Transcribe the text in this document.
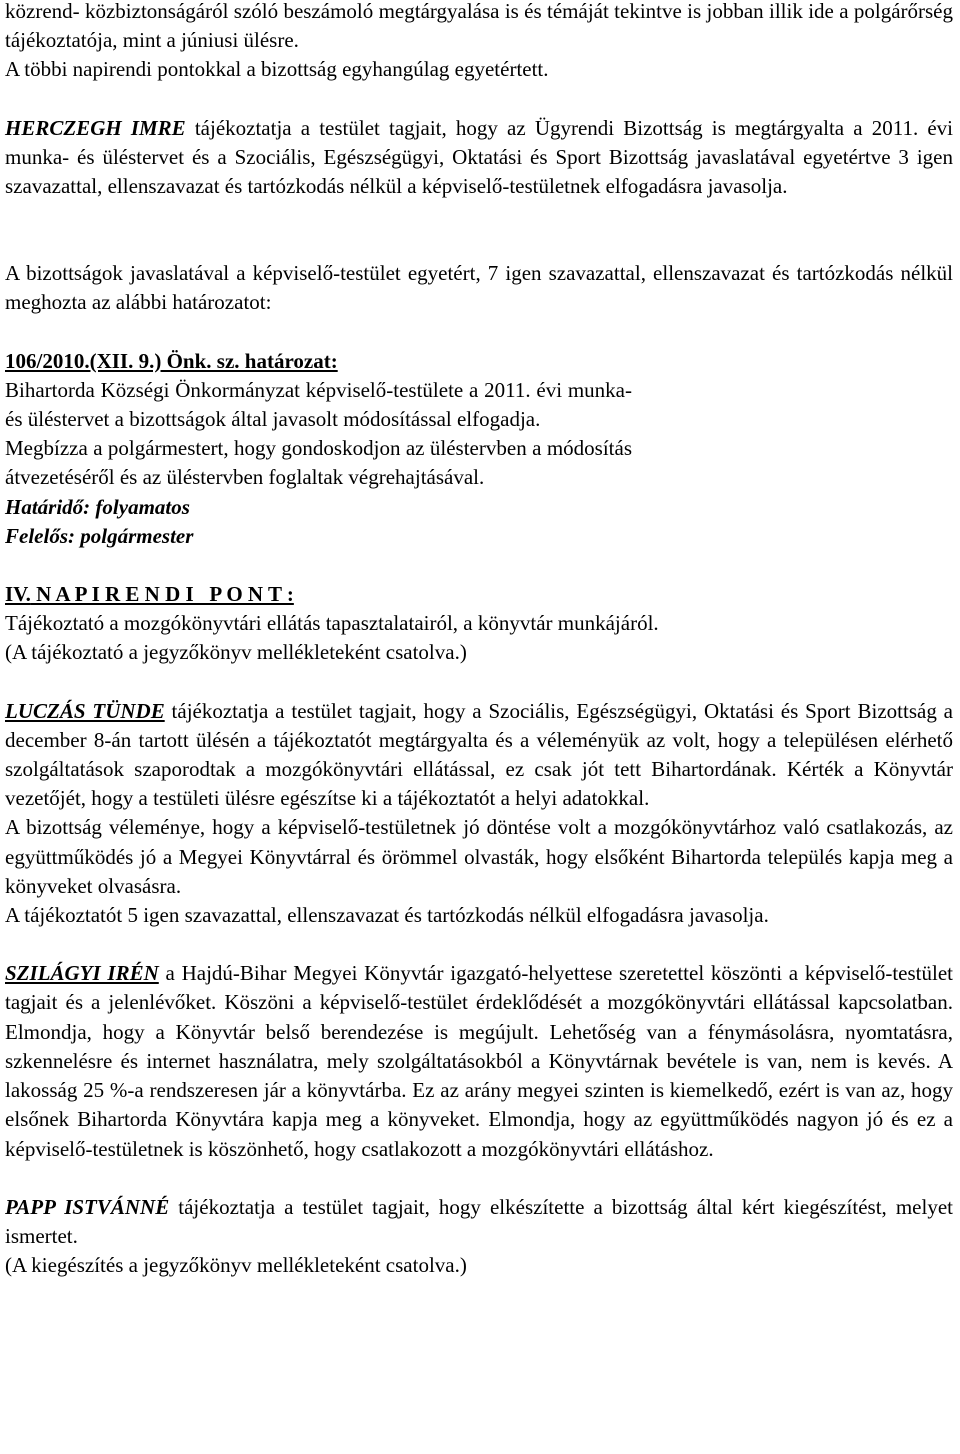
közrend- közbiztonságáról szóló beszámoló megtárgyalása is és témáját tekintve is jobban illik ide a polgárőrség tájékoztatója, mint a júniusi ülésre.

A többi napirendi pontokkal a bizottság egyhangúlag egyetértett.

HERCZEGH IMRE tájékoztatja a testület tagjait, hogy az Ügyrendi Bizottság is megtárgyalta a 2011. évi munka- és üléstervet és a Szociális, Egészségügyi, Oktatási és Sport Bizottság javaslatával egyetértve 3 igen szavazattal, ellenszavazat és tartózkodás nélkül a képviselő-testületnek elfogadásra javasolja.

A bizottságok javaslatával a képviselő-testület egyetért, 7 igen szavazattal, ellenszavazat és tartózkodás nélkül meghozta az alábbi határozatot:

106/2010.(XII. 9.) Önk. sz. határozat:

Bihartorda Községi Önkormányzat képviselő-testülete a 2011. évi munka- és üléstervet a bizottságok által javasolt módosítással elfogadja.

Megbízza a polgármestert, hogy gondoskodjon az üléstervben a módosítás átvezetéséről és az üléstervben foglaltak végrehajtásával.

Határidő: folyamatos

Felelős: polgármester

IV. N A P I R E N D I   P O N T :

Tájékoztató a mozgókönyvtári ellátás tapasztalatairól, a könyvtár munkájáról.

(A tájékoztató a jegyzőkönyv mellékleteként csatolva.)

LUCZÁS TÜNDE tájékoztatja a testület tagjait, hogy a Szociális, Egészségügyi, Oktatási és Sport Bizottság a december 8-án tartott ülésén a tájékoztatót megtárgyalta és a véleményük az volt, hogy a településen elérhető szolgáltatások szaporodtak a mozgókönyvtári ellátással, ez csak jót tett Bihartordának. Kérték a Könyvtár vezetőjét, hogy a testületi ülésre egészítse ki a tájékoztatót a helyi adatokkal.

A bizottság véleménye, hogy a képviselő-testületnek jó döntése volt a mozgókönyvtárhoz való csatlakozás, az együttműködés jó a Megyei Könyvtárral és örömmel olvasták, hogy elsőként Bihartorda település kapja meg a könyveket olvasásra.

A tájékoztatót 5 igen szavazattal, ellenszavazat és tartózkodás nélkül elfogadásra javasolja.

SZILÁGYI IRÉN a Hajdú-Bihar Megyei Könyvtár igazgató-helyettese szeretettel köszönti a képviselő-testület tagjait és a jelenlévőket. Köszöni a képviselő-testület érdeklődését a mozgókönyvtári ellátással kapcsolatban. Elmondja, hogy a Könyvtár belső berendezése is megújult. Lehetőség van a fénymásolásra, nyomtatásra, szkennelésre és internet használatra, mely szolgáltatásokból a Könyvtárnak bevétele is van, nem is kevés. A lakosság 25 %-a rendszeresen jár a könyvtárba. Ez az arány megyei szinten is kiemelkedő, ezért is van az, hogy elsőnek Bihartorda Könyvtára kapja meg a könyveket. Elmondja, hogy az együttműködés nagyon jó és ez a képviselő-testületnek is köszönhető, hogy csatlakozott a mozgókönyvtári ellátáshoz.

PAPP ISTVÁNNÉ tájékoztatja a testület tagjait, hogy elkészítette a bizottság által kért kiegészítést, melyet ismertet.

(A kiegészítés a jegyzőkönyv mellékleteként csatolva.)
